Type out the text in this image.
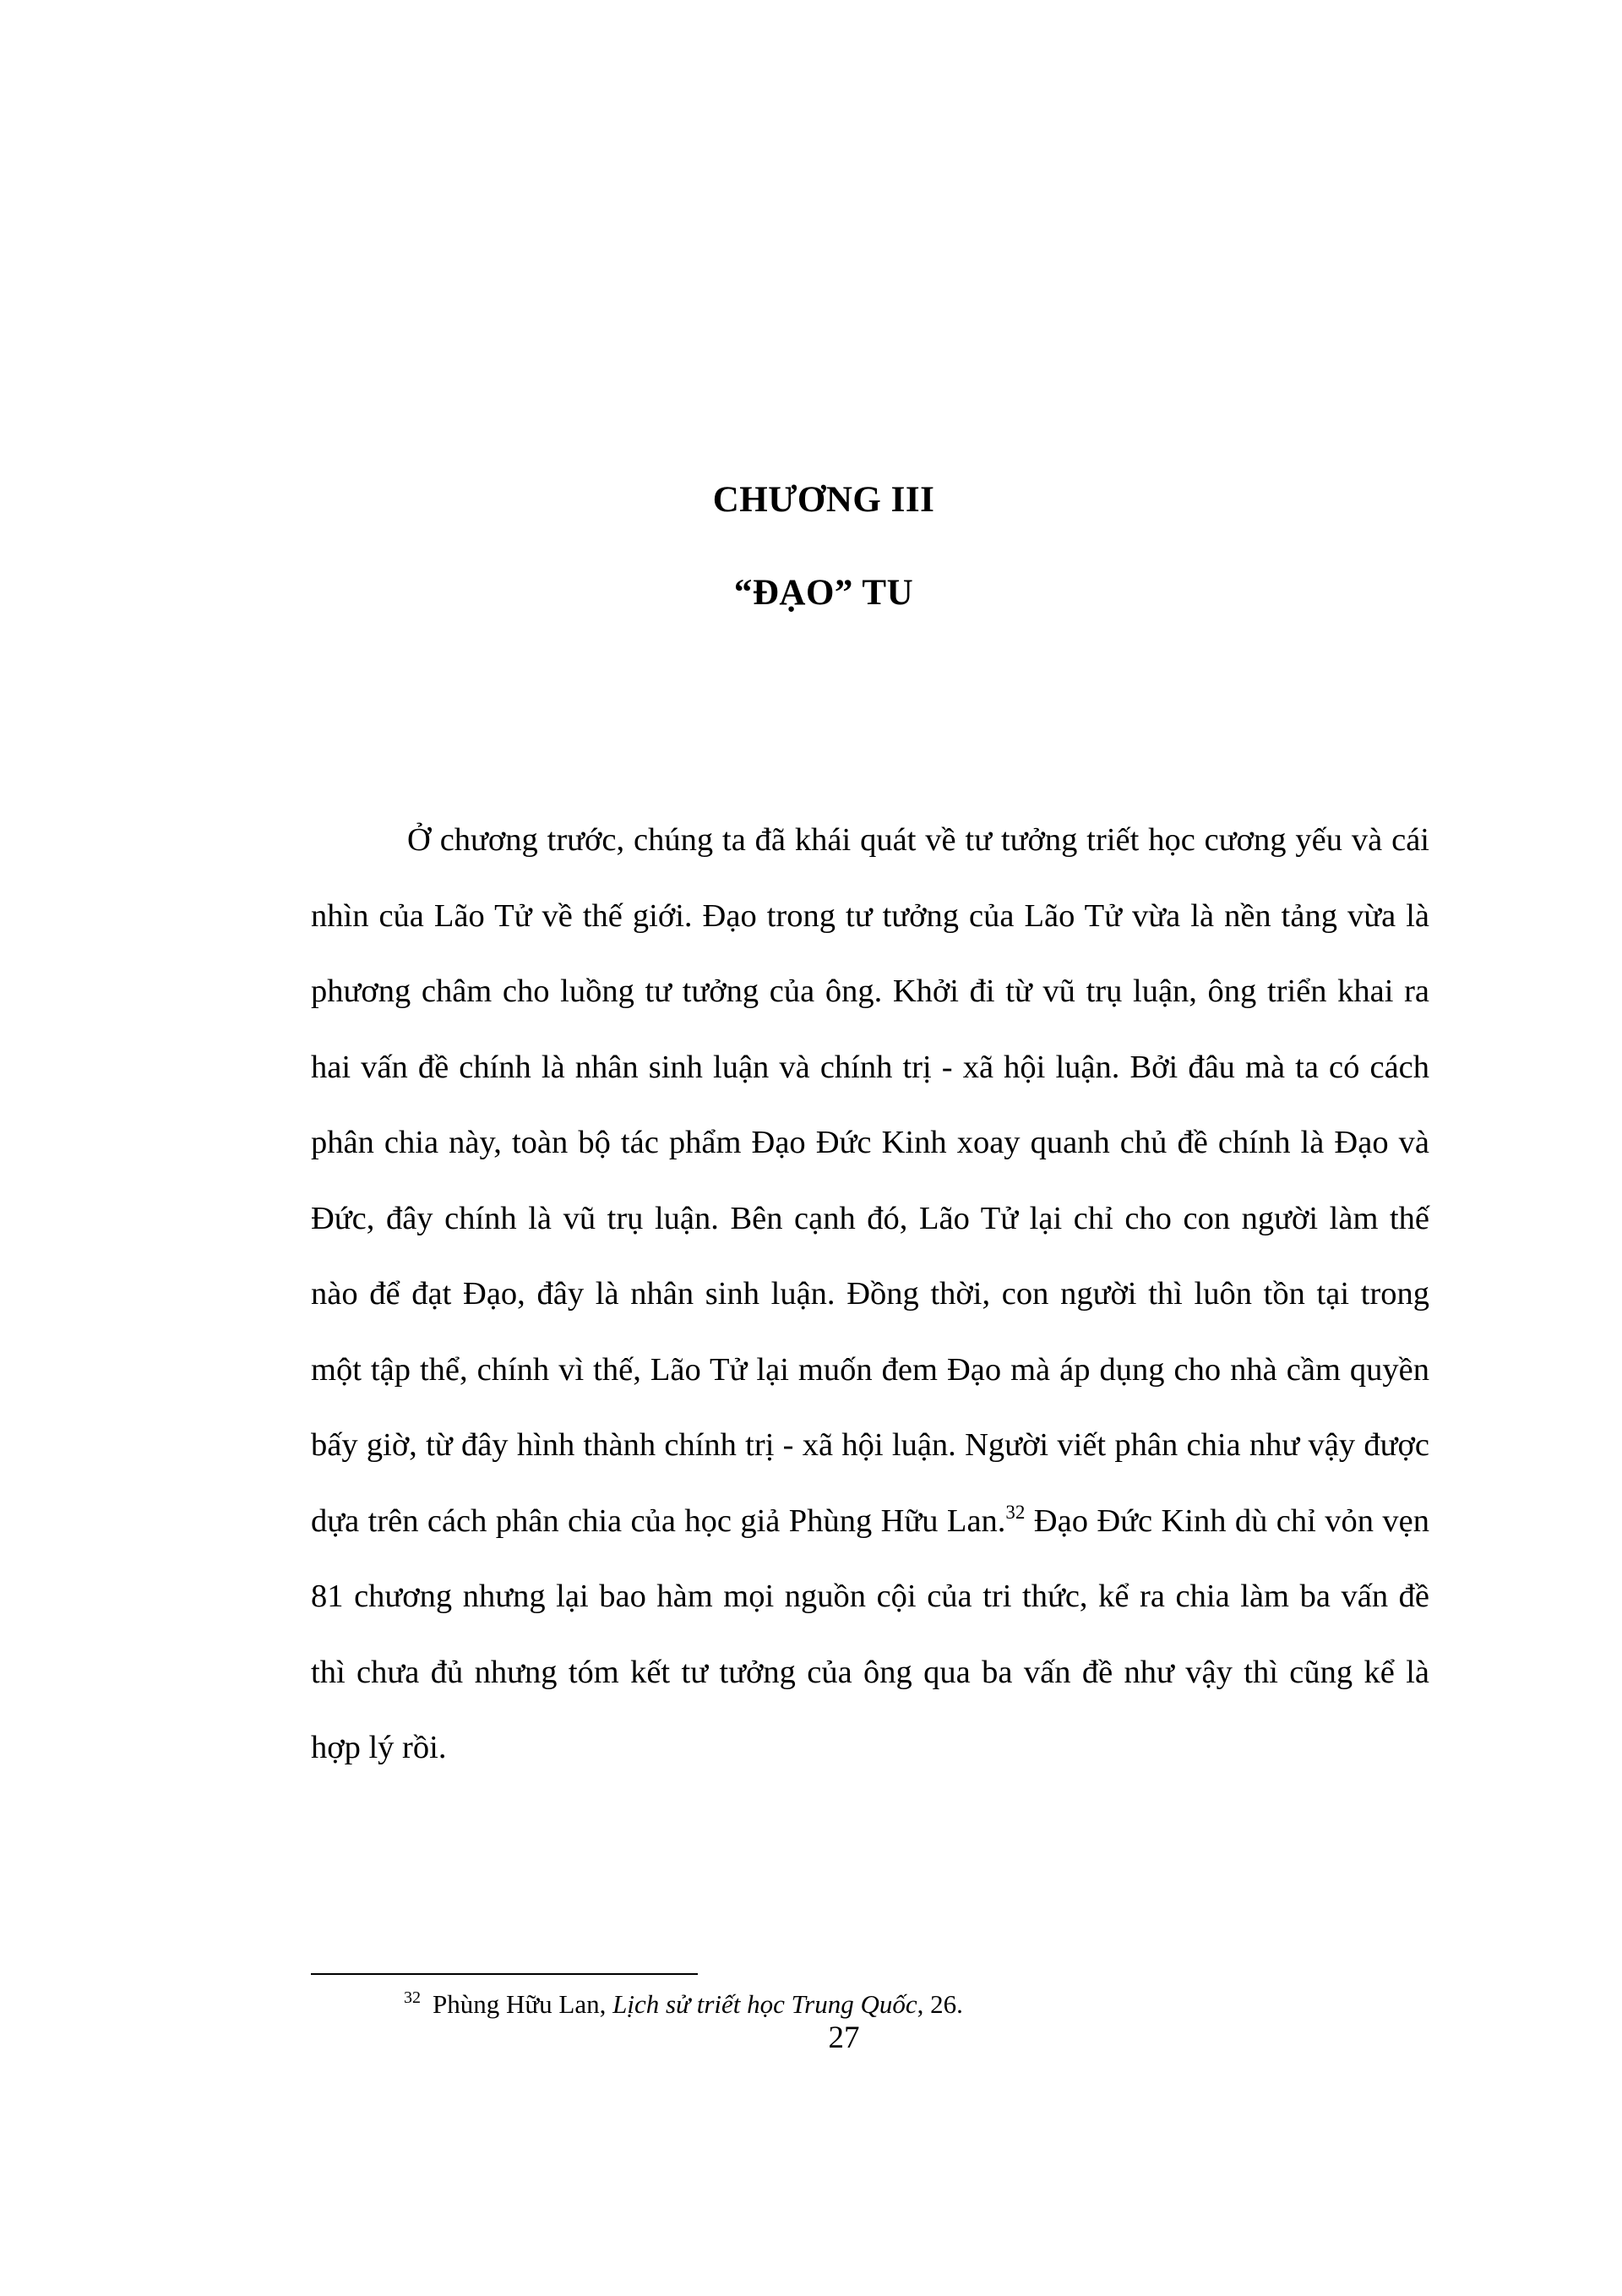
CHƯƠNG III
“ĐẠO” TU
Ở chương trước, chúng ta đã khái quát về tư tưởng triết học cương yếu và cái
nhìn của Lão Tử về thế giới. Đạo trong tư tưởng của Lão Tử vừa là nền tảng vừa là
phương châm cho luồng tư tưởng của ông. Khởi đi từ vũ trụ luận, ông triển khai ra
hai vấn đề chính là nhân sinh luận và chính trị - xã hội luận. Bởi đâu mà ta có cách
phân chia này, toàn bộ tác phẩm Đạo Đức Kinh xoay quanh chủ đề chính là Đạo và
Đức, đây chính là vũ trụ luận. Bên cạnh đó, Lão Tử lại chỉ cho con người làm thế
nào để đạt Đạo, đây là nhân sinh luận. Đồng thời, con người thì luôn tồn tại trong
một tập thể, chính vì thế, Lão Tử lại muốn đem Đạo mà áp dụng cho nhà cầm quyền
bấy giờ, từ đây hình thành chính trị - xã hội luận. Người viết phân chia như vậy được
dựa trên cách phân chia của học giả Phùng Hữu Lan.$^{32}$ Đạo Đức Kinh dù chỉ vỏn vẹn
81 chương nhưng lại bao hàm mọi nguồn cội của tri thức, kể ra chia làm ba vấn đề
thì chưa đủ nhưng tóm kết tư tưởng của ông qua ba vấn đề như vậy thì cũng kể là
hợp lý rồi.
$^{32}$ Phùng Hữu Lan, Lịch sử triết học Trung Quốc, 26.
27
